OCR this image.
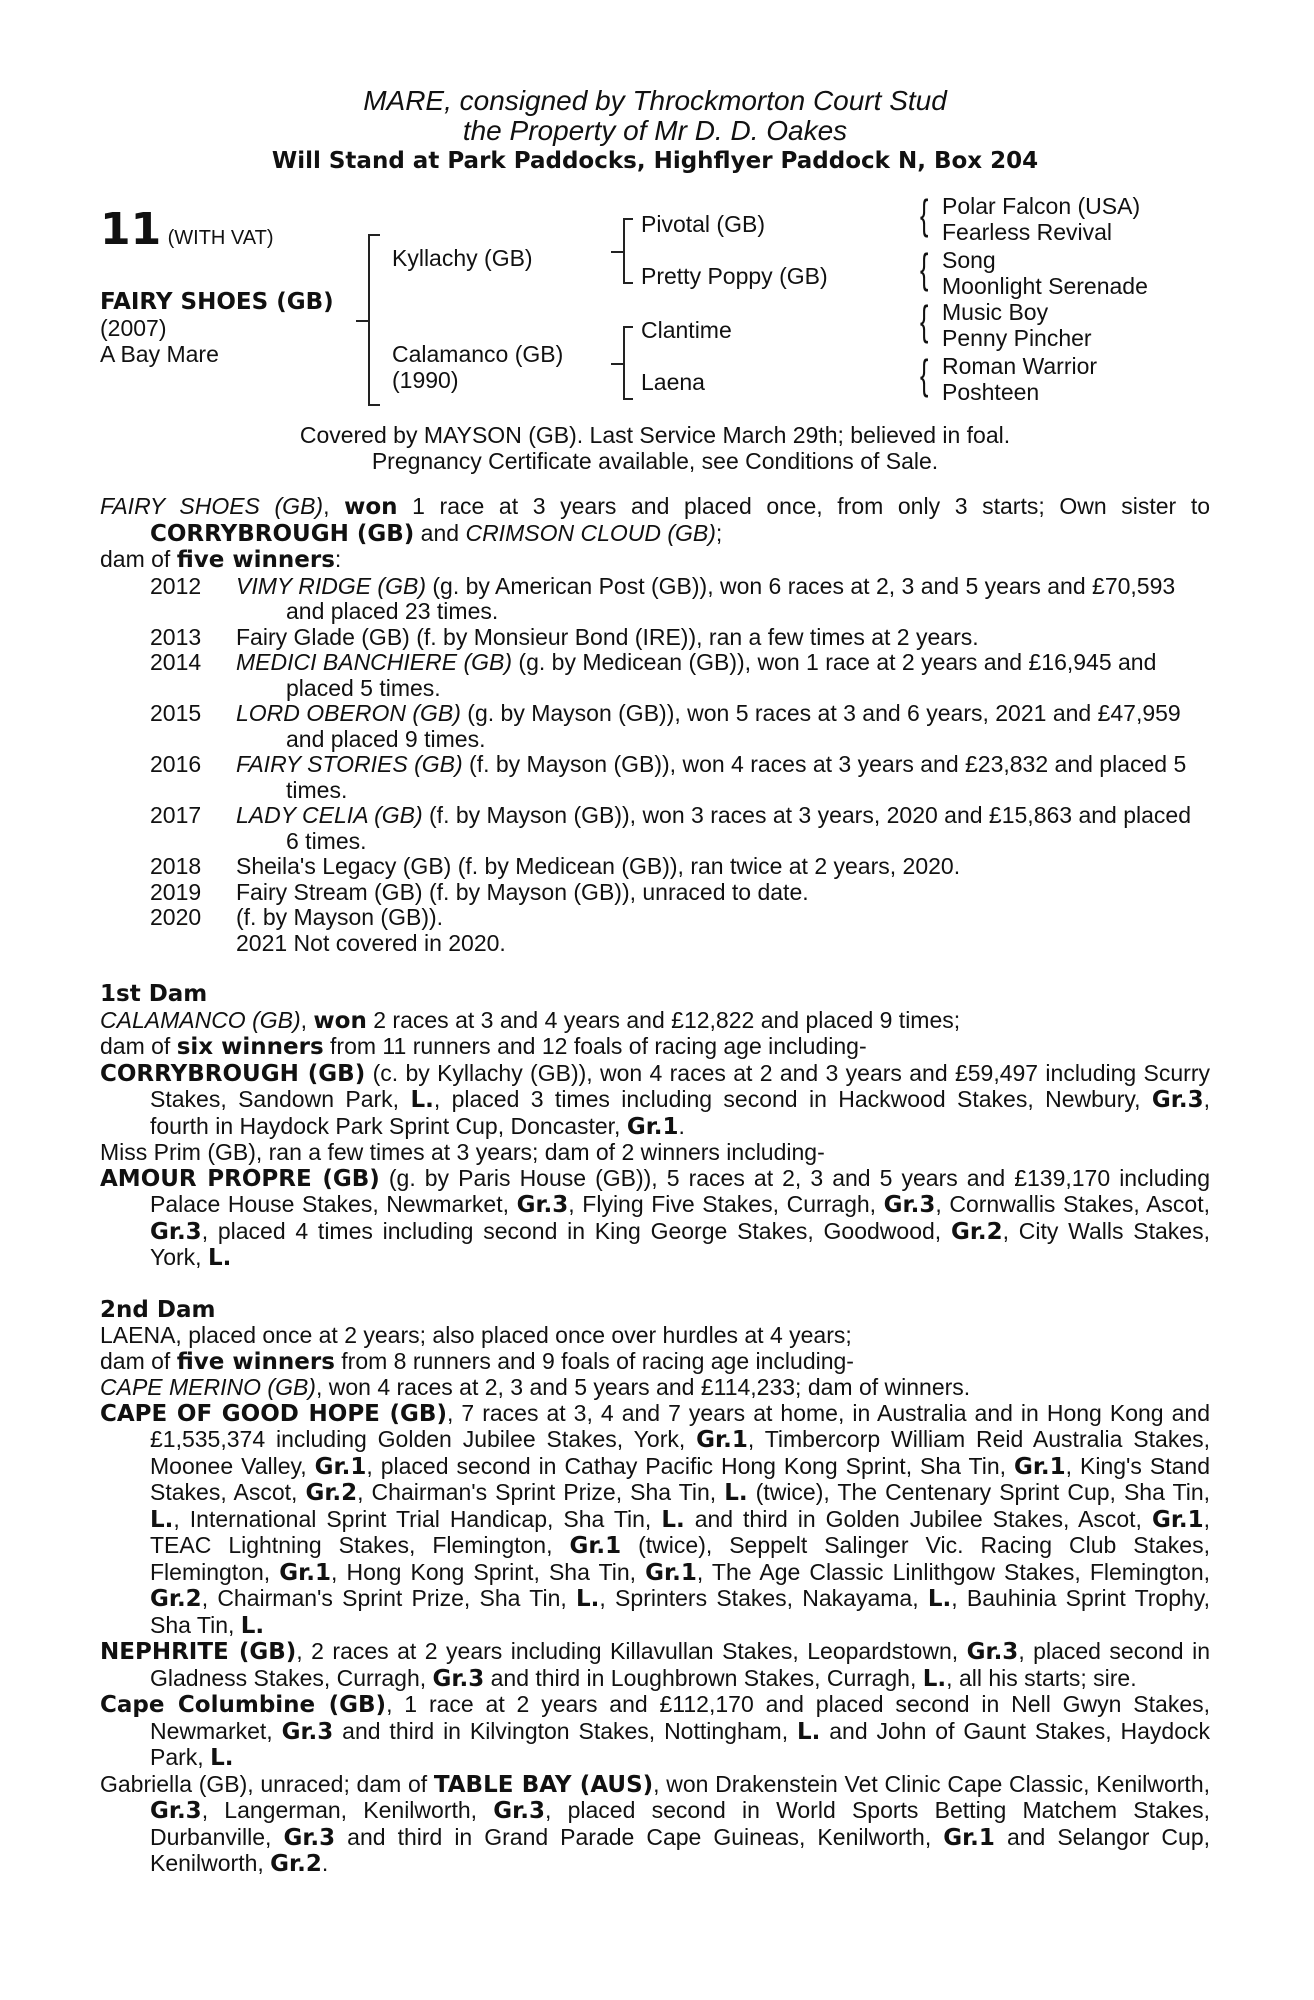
MARE, consigned by Throckmorton Court Stud
the Property of Mr D. D. Oakes
Will Stand at Park Paddocks, Highflyer Paddock N, Box 204
11 (WITH VAT)
FAIRY SHOES (GB)
(2007)
A Bay Mare
Kyllachy (GB)
Calamanco (GB)
(1990)
Pivotal (GB)
Pretty Poppy (GB)
Clantime
Laena
{
{
{
{
Polar Falcon (USA)
Fearless Revival
Song
Moonlight Serenade
Music Boy
Penny Pincher
Roman Warrior
Poshteen
Covered by MAYSON (GB). Last Service March 29th; believed in foal.
Pregnancy Certificate available, see Conditions of Sale.

FAIRY SHOES (GB), won 1 race at 3 years and placed once, from only 3 starts; Own sister to CORRYBROUGH (GB) and CRIMSON CLOUD (GB);

dam of five winners:

2012	VIMY RIDGE (GB) (g. by American Post (GB)), won 6 races at 2, 3 and 5 years and £70,593 and placed 23 times.
2013	Fairy Glade (GB) (f. by Monsieur Bond (IRE)), ran a few times at 2 years.
2014	MEDICI BANCHIERE (GB) (g. by Medicean (GB)), won 1 race at 2 years and £16,945 and placed 5 times.
2015	LORD OBERON (GB) (g. by Mayson (GB)), won 5 races at 3 and 6 years, 2021 and £47,959 and placed 9 times.
2016	FAIRY STORIES (GB) (f. by Mayson (GB)), won 4 races at 3 years and £23,832 and placed 5 times.
2017	LADY CELIA (GB) (f. by Mayson (GB)), won 3 races at 3 years, 2020 and £15,863 and placed 6 times.
2018	Sheila's Legacy (GB) (f. by Medicean (GB)), ran twice at 2 years, 2020.
2019	Fairy Stream (GB) (f. by Mayson (GB)), unraced to date.
2020	(f. by Mayson (GB)).
2021 Not covered in 2020.
1st Dam

CALAMANCO (GB), won 2 races at 3 and 4 years and £12,822 and placed 9 times;

dam of six winners from 11 runners and 12 foals of racing age including-

CORRYBROUGH (GB) (c. by Kyllachy (GB)), won 4 races at 2 and 3 years and £59,497 including Scurry Stakes, Sandown Park, L., placed 3 times including second in Hackwood Stakes, Newbury, Gr.3, fourth in Haydock Park Sprint Cup, Doncaster, Gr.1.

Miss Prim (GB), ran a few times at 3 years; dam of 2 winners including-

AMOUR PROPRE (GB) (g. by Paris House (GB)), 5 races at 2, 3 and 5 years and £139,170 including Palace House Stakes, Newmarket, Gr.3, Flying Five Stakes, Curragh, Gr.3, Cornwallis Stakes, Ascot, Gr.3, placed 4 times including second in King George Stakes, Goodwood, Gr.2, City Walls Stakes, York, L.

2nd Dam

LAENA, placed once at 2 years; also placed once over hurdles at 4 years;

dam of five winners from 8 runners and 9 foals of racing age including-

CAPE MERINO (GB), won 4 races at 2, 3 and 5 years and £114,233; dam of winners.

CAPE OF GOOD HOPE (GB), 7 races at 3, 4 and 7 years at home, in Australia and in Hong Kong and £1,535,374 including Golden Jubilee Stakes, York, Gr.1, Timbercorp William Reid Australia Stakes, Moonee Valley, Gr.1, placed second in Cathay Pacific Hong Kong Sprint, Sha Tin, Gr.1, King's Stand Stakes, Ascot, Gr.2, Chairman's Sprint Prize, Sha Tin, L. (twice), The Centenary Sprint Cup, Sha Tin, L., International Sprint Trial Handicap, Sha Tin, L. and third in Golden Jubilee Stakes, Ascot, Gr.1, TEAC Lightning Stakes, Flemington, Gr.1 (twice), Seppelt Salinger Vic. Racing Club Stakes, Flemington, Gr.1, Hong Kong Sprint, Sha Tin, Gr.1, The Age Classic Linlithgow Stakes, Flemington, Gr.2, Chairman's Sprint Prize, Sha Tin, L., Sprinters Stakes, Nakayama, L., Bauhinia Sprint Trophy, Sha Tin, L.

NEPHRITE (GB), 2 races at 2 years including Killavullan Stakes, Leopardstown, Gr.3, placed second in Gladness Stakes, Curragh, Gr.3 and third in Loughbrown Stakes, Curragh, L., all his starts; sire.

Cape Columbine (GB), 1 race at 2 years and £112,170 and placed second in Nell Gwyn Stakes, Newmarket, Gr.3 and third in Kilvington Stakes, Nottingham, L. and John of Gaunt Stakes, Haydock Park, L.

Gabriella (GB), unraced; dam of TABLE BAY (AUS), won Drakenstein Vet Clinic Cape Classic, Kenilworth, Gr.3, Langerman, Kenilworth, Gr.3, placed second in World Sports Betting Matchem Stakes, Durbanville, Gr.3 and third in Grand Parade Cape Guineas, Kenilworth, Gr.1 and Selangor Cup, Kenilworth, Gr.2.
